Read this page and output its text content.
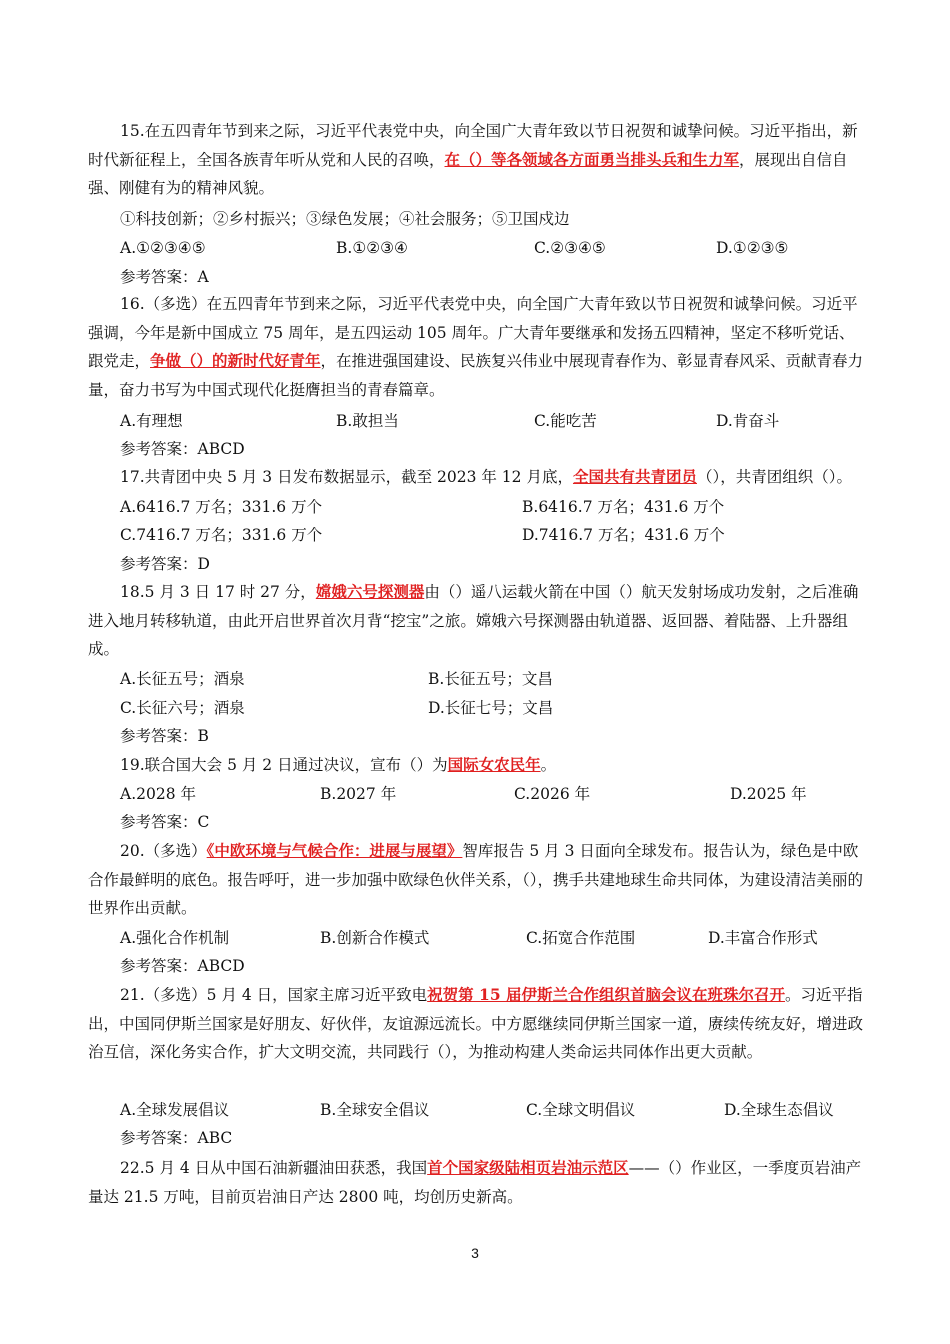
15.在五四青年节到来之际，习近平代表党中央，向全国广大青年致以节日祝贺和诚挚问候。习近平指出，新时代新征程上，全国各族青年听从党和人民的召唤，在（）等各领域各方面勇当排头兵和生力军，展现出自信自强、刚健有为的精神风貌。

①科技创新；②乡村振兴；③绿色发展；④社会服务；⑤卫国戍边
A.①②③④⑤	B.①②③④	C.②③④⑤	D.①②③⑤
参考答案：A

16.（多选）在五四青年节到来之际，习近平代表党中央，向全国广大青年致以节日祝贺和诚挚问候。习近平强调，今年是新中国成立 75 周年，是五四运动 105 周年。广大青年要继承和发扬五四精神，坚定不移听党话、跟党走，争做（）的新时代好青年，在推进强国建设、民族复兴伟业中展现青春作为、彰显青春风采、贡献青春力量，奋力书写为中国式现代化挺膺担当的青春篇章。

A.有理想	B.敢担当	C.能吃苦	D.肯奋斗
参考答案：ABCD

17.共青团中央 5 月 3 日发布数据显示，截至 2023 年 12 月底，全国共有共青团员（），共青团组织（）。

A.6416.7 万名；331.6 万个	B.6416.7 万名；431.6 万个
C.7416.7 万名；331.6 万个	D.7416.7 万名；431.6 万个
参考答案：D

18.5 月 3 日 17 时 27 分，嫦娥六号探测器由（）遥八运载火箭在中国（）航天发射场成功发射，之后准确进入地月转移轨道，由此开启世界首次月背“挖宝”之旅。嫦娥六号探测器由轨道器、返回器、着陆器、上升器组成。

A.长征五号；酒泉	B.长征五号；文昌
C.长征六号；酒泉	D.长征七号；文昌
参考答案：B

19.联合国大会 5 月 2 日通过决议，宣布（）为国际女农民年。

A.2028 年	B.2027 年	C.2026 年	D.2025 年
参考答案：C

20.（多选）《中欧环境与气候合作：进展与展望》智库报告 5 月 3 日面向全球发布。报告认为，绿色是中欧合作最鲜明的底色。报告呼吁，进一步加强中欧绿色伙伴关系，（），携手共建地球生命共同体，为建设清洁美丽的世界作出贡献。

A.强化合作机制	B.创新合作模式	C.拓宽合作范围	D.丰富合作形式
参考答案：ABCD

21.（多选）5 月 4 日，国家主席习近平致电祝贺第 15 届伊斯兰合作组织首脑会议在班珠尔召开。习近平指出，中国同伊斯兰国家是好朋友、好伙伴，友谊源远流长。中方愿继续同伊斯兰国家一道，赓续传统友好，增进政治互信，深化务实合作，扩大文明交流，共同践行（），为推动构建人类命运共同体作出更大贡献。

A.全球发展倡议	B.全球安全倡议	C.全球文明倡议	D.全球生态倡议
参考答案：ABC

22.5 月 4 日从中国石油新疆油田获悉，我国首个国家级陆相页岩油示范区——（）作业区，一季度页岩油产量达 21.5 万吨，目前页岩油日产达 2800 吨，均创历史新高。

3
